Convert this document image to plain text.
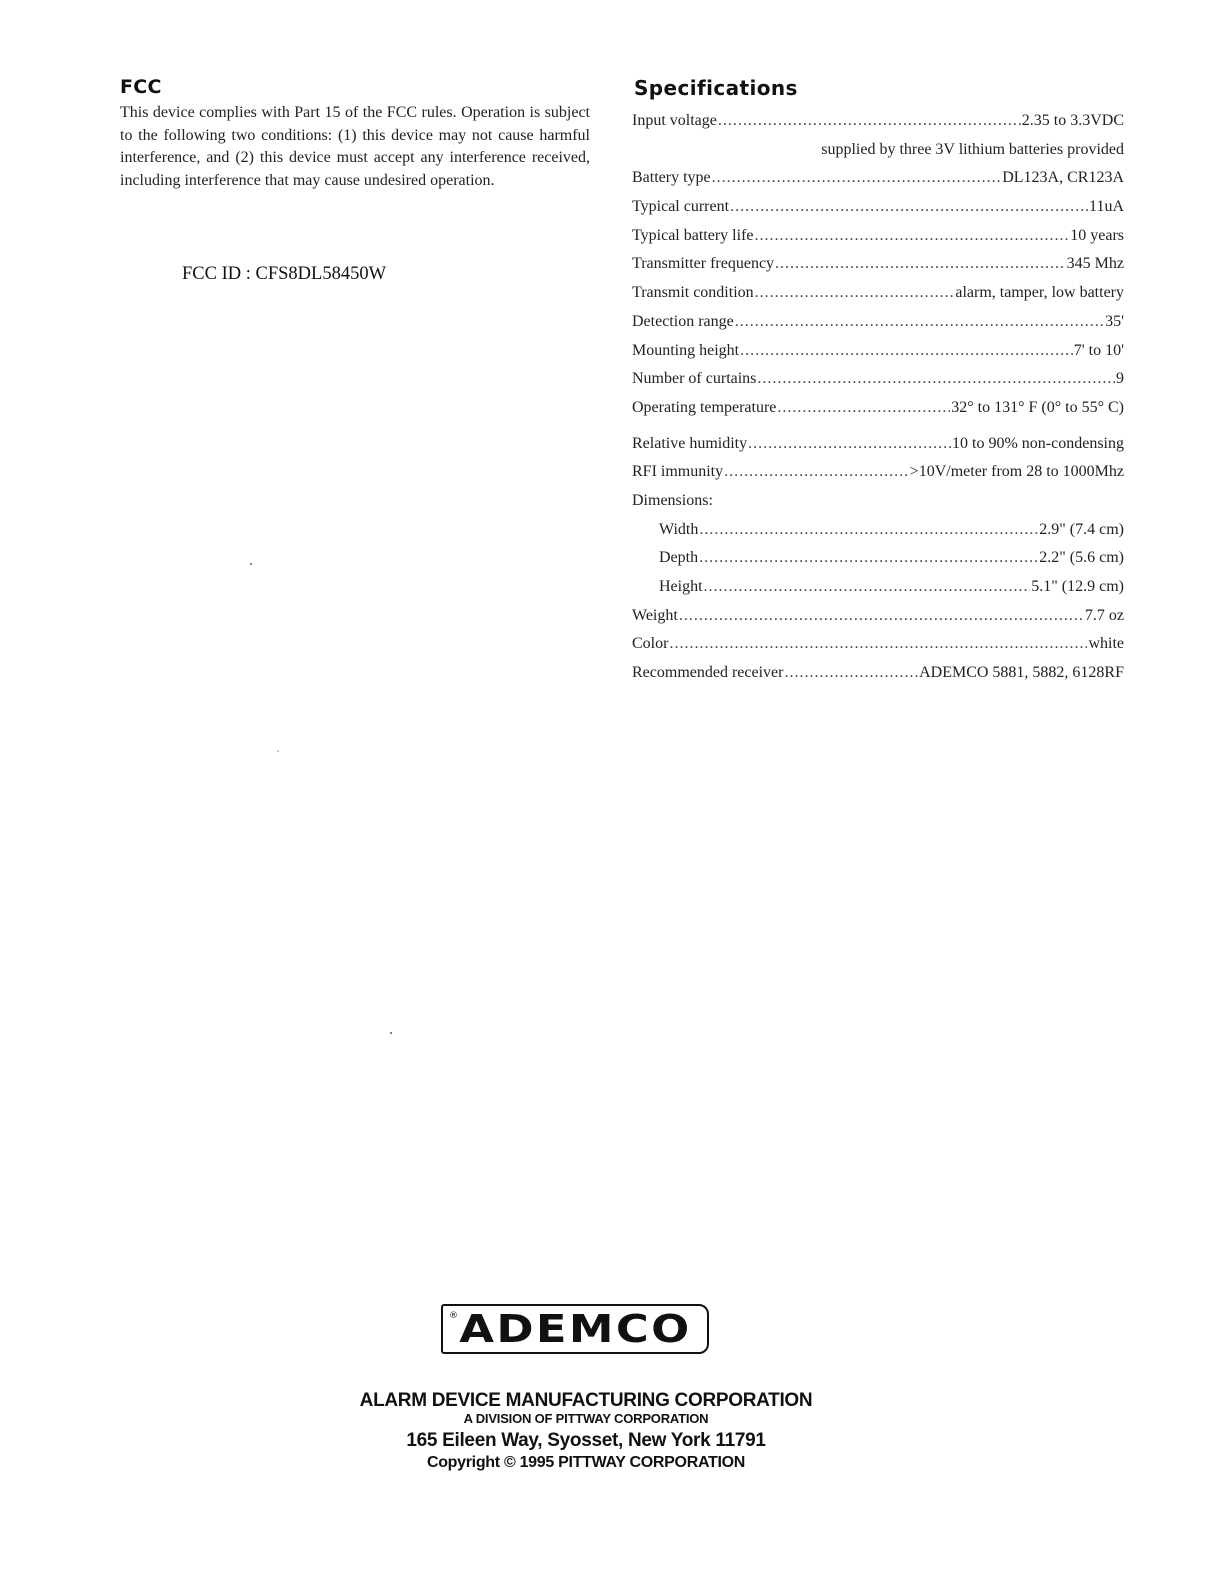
FCC

This device complies with Part 15 of the FCC rules. Operation is subject to the following two conditions: (1) this device may not cause harmful interference, and (2) this device must accept any interference received, including interference that may cause undesired operation.

FCC ID : CFS8DL58450W
Specifications
Input voltage .....	2.35 to 3.3VDC
supplied by three 3V lithium batteries provided
Battery type .....	DL123A, CR123A
Typical current .....	11uA
Typical battery life .....	10 years
Transmitter frequency .....	345 Mhz
Transmit condition .....	alarm, tamper, low battery
Detection range .....	35'
Mounting height .....	7' to 10'
Number of curtains .....	9
Operating temperature .....	32° to 131° F (0° to 55° C)
Relative humidity .....	10 to 90% non-condensing
RFI immunity .....	>10V/meter from 28 to 1000Mhz
Dimensions:
Width .....	2.9" (7.4 cm)
Depth .....	2.2" (5.6 cm)
Height .....	5.1" (12.9 cm)
Weight .....	7.7 oz
Color .....	white
Recommended receiver .....	ADEMCO 5881, 5882, 6128RF
® ADEMCO
ALARM DEVICE MANUFACTURING CORPORATION
A DIVISION OF PITTWAY CORPORATION
165 Eileen Way, Syosset, New York 11791
Copyright © 1995 PITTWAY CORPORATION
